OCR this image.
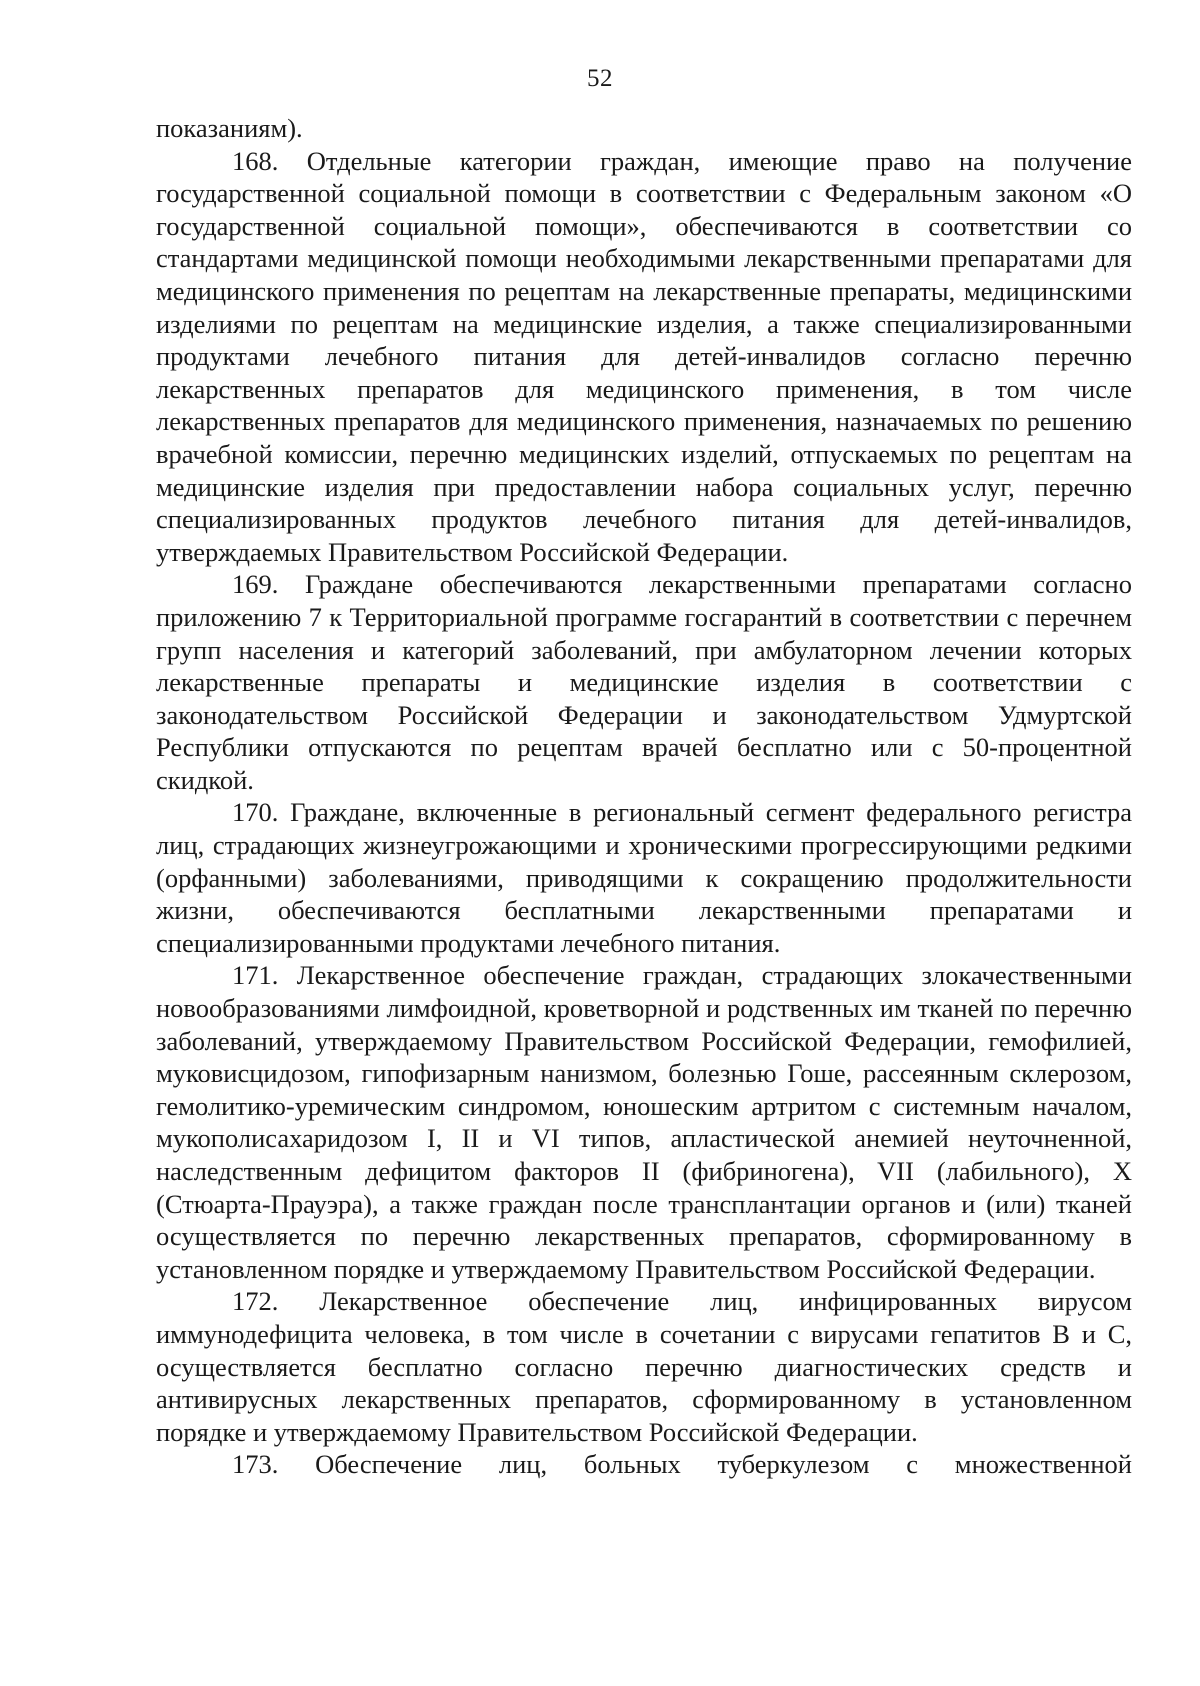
52

показаниям).

168. Отдельные категории граждан, имеющие право на получение государственной социальной помощи в соответствии с Федеральным законом «О государственной социальной помощи», обеспечиваются в соответствии со стандартами медицинской помощи необходимыми лекарственными препаратами для медицинского применения по рецептам на лекарственные препараты, медицинскими изделиями по рецептам на медицинские изделия, а также специализированными продуктами лечебного питания для детей-инвалидов согласно перечню лекарственных препаратов для медицинского применения, в том числе лекарственных препаратов для медицинского применения, назначаемых по решению врачебной комиссии, перечню медицинских изделий, отпускаемых по рецептам на медицинские изделия при предоставлении набора социальных услуг, перечню специализированных продуктов лечебного питания для детей-инвалидов, утверждаемых Правительством Российской Федерации.

169. Граждане обеспечиваются лекарственными препаратами согласно приложению 7 к Территориальной программе госгарантий в соответствии с перечнем групп населения и категорий заболеваний, при амбулаторном лечении которых лекарственные препараты и медицинские изделия в соответствии с законодательством Российской Федерации и законодательством Удмуртской Республики отпускаются по рецептам врачей бесплатно или с 50-процентной скидкой.

170. Граждане, включенные в региональный сегмент федерального регистра лиц, страдающих жизнеугрожающими и хроническими прогрессирующими редкими (орфанными) заболеваниями, приводящими к сокращению продолжительности жизни, обеспечиваются бесплатными лекарственными препаратами и специализированными продуктами лечебного питания.

171. Лекарственное обеспечение граждан, страдающих злокачественными новообразованиями лимфоидной, кроветворной и родственных им тканей по перечню заболеваний, утверждаемому Правительством Российской Федерации, гемофилией, муковисцидозом, гипофизарным нанизмом, болезнью Гоше, рассеянным склерозом, гемолитико-уремическим синдромом, юношеским артритом с системным началом, мукополисахаридозом I, II и VI типов, апластической анемией неуточненной, наследственным дефицитом факторов II (фибриногена), VII (лабильного), X (Стюарта-Прауэра), а также граждан после трансплантации органов и (или) тканей осуществляется по перечню лекарственных препаратов, сформированному в установленном порядке и утверждаемому Правительством Российской Федерации.

172. Лекарственное обеспечение лиц, инфицированных вирусом иммунодефицита человека, в том числе в сочетании с вирусами гепатитов B и C, осуществляется бесплатно согласно перечню диагностических средств и антивирусных лекарственных препаратов, сформированному в установленном порядке и утверждаемому Правительством Российской Федерации.

173. Обеспечение лиц, больных туберкулезом с множественной
